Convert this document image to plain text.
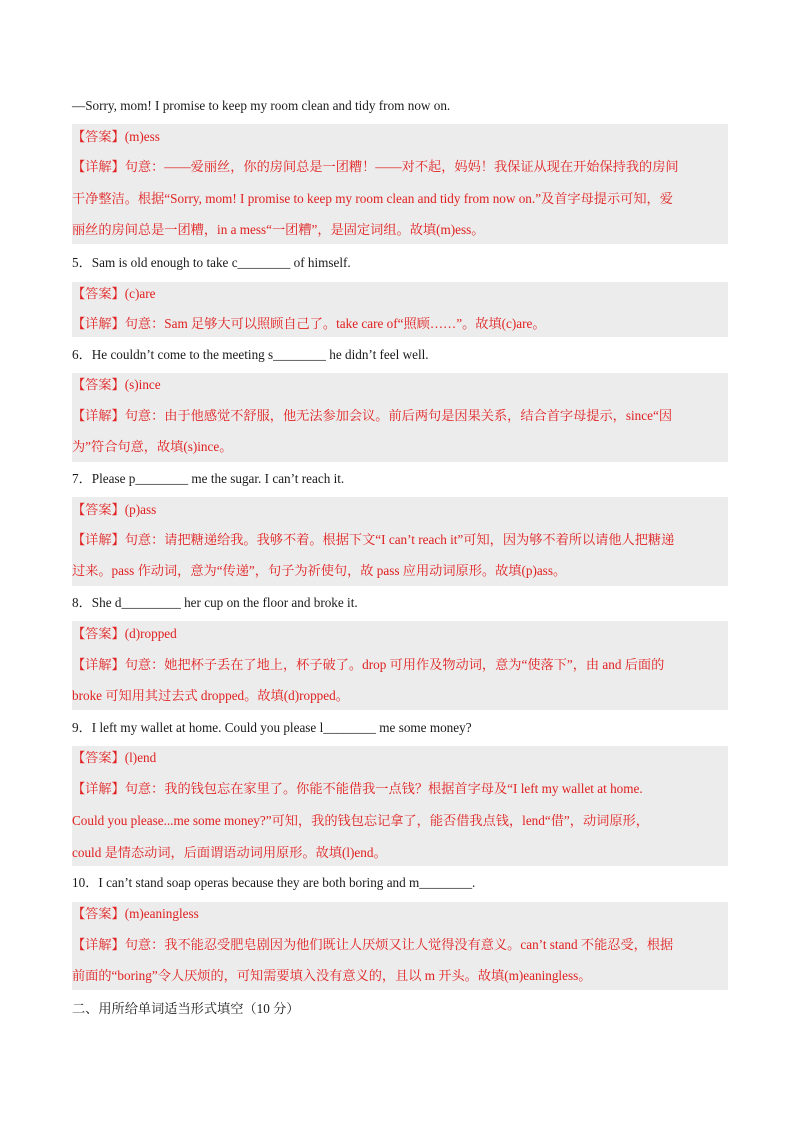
—Sorry, mom! I promise to keep my room clean and tidy from now on.
【答案】(m)ess
【详解】句意：——爱丽丝，你的房间总是一团糟！——对不起，妈妈！我保证从现在开始保持我的房间
干净整洁。根据“Sorry, mom! I promise to keep my room clean and tidy from now on.”及首字母提示可知，爱
丽丝的房间总是一团糟，in a mess“一团糟”，是固定词组。故填(m)ess。
5．Sam is old enough to take c________ of himself.
【答案】(c)are
【详解】句意：Sam 足够大可以照顾自己了。take care of“照顾……”。故填(c)are。
6．He couldn’t come to the meeting s________ he didn’t feel well.
【答案】(s)ince
【详解】句意：由于他感觉不舒服，他无法参加会议。前后两句是因果关系，结合首字母提示，since“因
为”符合句意，故填(s)ince。
7．Please p________ me the sugar. I can’t reach it.
【答案】(p)ass
【详解】句意：请把糖递给我。我够不着。根据下文“I can’t reach it”可知，因为够不着所以请他人把糖递
过来。pass 作动词，意为“传递”，句子为祈使句，故 pass 应用动词原形。故填(p)ass。
8．She d_________ her cup on the floor and broke it.
【答案】(d)ropped
【详解】句意：她把杯子丢在了地上，杯子破了。drop 可用作及物动词，意为“使落下”，由 and 后面的
broke 可知用其过去式 dropped。故填(d)ropped。
9．I left my wallet at home. Could you please l________ me some money?
【答案】(l)end
【详解】句意：我的钱包忘在家里了。你能不能借我一点钱？根据首字母及“I left my wallet at home.
Could you please...me some money?”可知，我的钱包忘记拿了，能否借我点钱，lend“借”，动词原形，
could 是情态动词，后面谓语动词用原形。故填(l)end。
10．I can’t stand soap operas because they are both boring and m________.
【答案】(m)eaningless
【详解】句意：我不能忍受肥皂剧因为他们既让人厌烦又让人觉得没有意义。can’t stand 不能忍受，根据
前面的“boring”令人厌烦的，可知需要填入没有意义的，且以 m 开头。故填(m)eaningless。
二、用所给单词适当形式填空（10 分）
